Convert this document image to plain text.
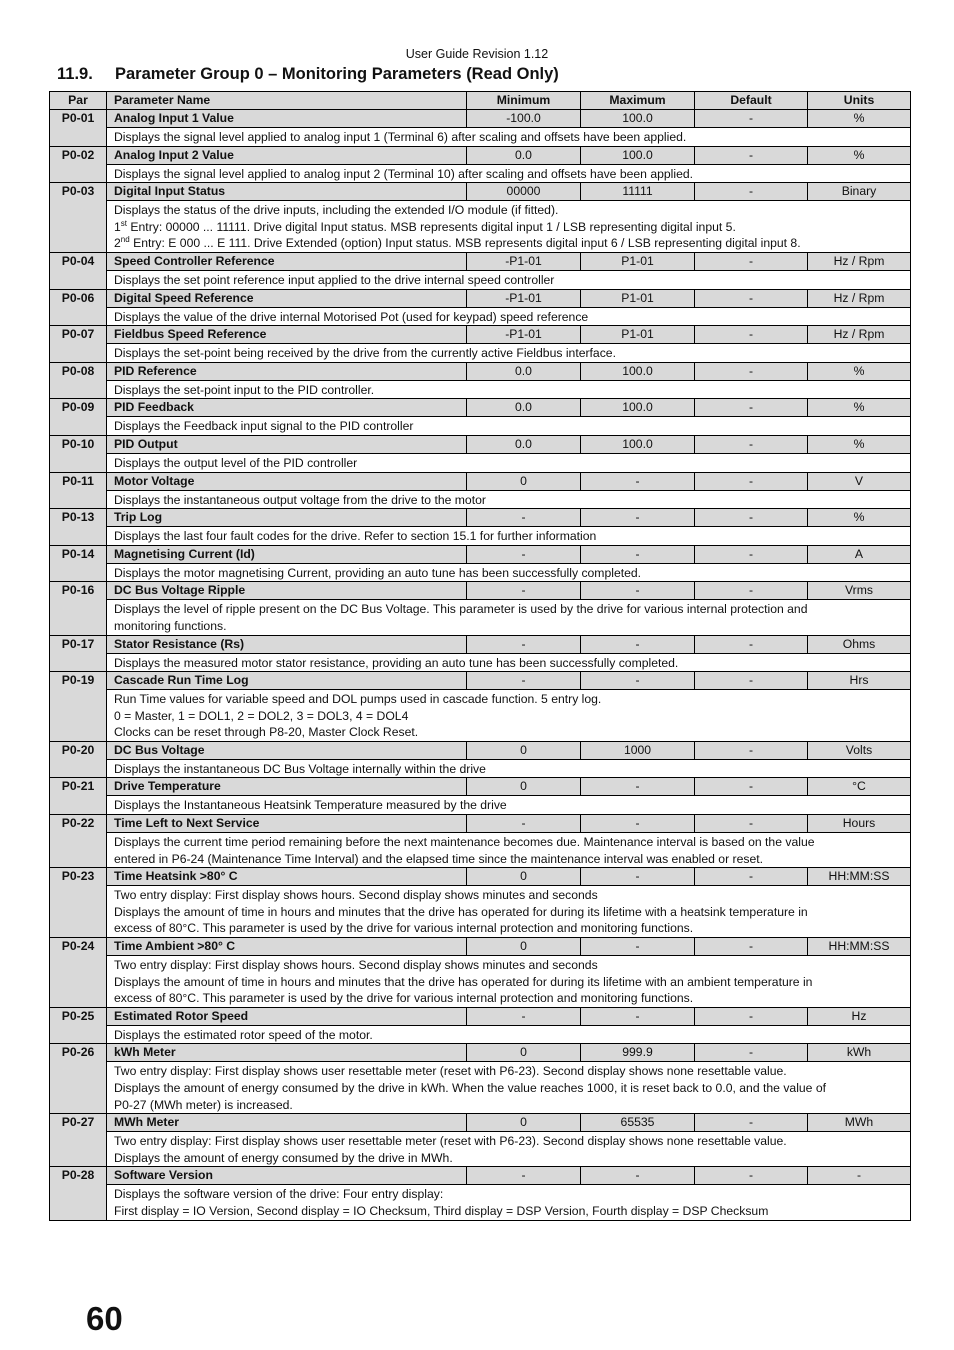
User Guide Revision 1.12
11.9. Parameter Group 0 – Monitoring Parameters (Read Only)
Par	Parameter Name	Minimum	Maximum	Default	Units
P0-01	Analog Input 1 Value	-100.0	100.0	-	%

	Displays the signal level applied to analog input 1 (Terminal 6) after scaling and offsets have been applied.				

P0-02	Analog Input 2 Value	0.0	100.0	-	%

	Displays the signal level applied to analog input 2 (Terminal 10) after scaling and offsets have been applied.				

P0-03	Digital Input Status	00000	11111	-	Binary

	Displays the status of the drive inputs, including the extended I/O module (if fitted).
1st Entry: 00000 ... 11111. Drive digital Input status. MSB represents digital input 1 / LSB representing digital input 5.
2nd Entry: E 000 ... E 111. Drive Extended (option) Input status. MSB represents digital input 6 / LSB representing digital input 8.				

P0-04	Speed Controller Reference	-P1-01	P1-01	-	Hz / Rpm

	Displays the set point reference input applied to the drive internal speed controller				

P0-06	Digital Speed Reference	-P1-01	P1-01	-	Hz / Rpm

	Displays the value of the drive internal Motorised Pot (used for keypad) speed reference				

P0-07	Fieldbus Speed Reference	-P1-01	P1-01	-	Hz / Rpm

	Displays the set-point being received by the drive from the currently active Fieldbus interface.				

P0-08	PID Reference	0.0	100.0	-	%

	Displays the set-point input to the PID controller.				

P0-09	PID Feedback	0.0	100.0	-	%

	Displays the Feedback input signal to the PID controller				

P0-10	PID Output	0.0	100.0	-	%

	Displays the output level of the PID controller				

P0-11	Motor Voltage	0	-	-	V

	Displays the instantaneous output voltage from the drive to the motor				

P0-13	Trip Log	-	-	-	%

	Displays the last four fault codes for the drive. Refer to section 15.1 for further information				

P0-14	Magnetising Current (Id)	-	-	-	A

	Displays the motor magnetising Current, providing an auto tune has been successfully completed.				

P0-16	DC Bus Voltage Ripple	-	-	-	Vrms

	Displays the level of ripple present on the DC Bus Voltage. This parameter is used by the drive for various internal protection and
monitoring functions.				

P0-17	Stator Resistance (Rs)	-	-	-	Ohms

	Displays the measured motor stator resistance, providing an auto tune has been successfully completed.				

P0-19	Cascade Run Time Log	-	-	-	Hrs

	Run Time values for variable speed and DOL pumps used in cascade function. 5 entry log.
0 = Master, 1 = DOL1, 2 = DOL2, 3 = DOL3, 4 = DOL4
Clocks can be reset through P8-20, Master Clock Reset.				

P0-20	DC Bus Voltage	0	1000	-	Volts

	Displays the instantaneous DC Bus Voltage internally within the drive				

P0-21	Drive Temperature	0	-	-	°C

	Displays the Instantaneous Heatsink Temperature measured by the drive				

P0-22	Time Left to Next Service	-	-	-	Hours

	Displays the current time period remaining before the next maintenance becomes due. Maintenance interval is based on the value
entered in P6-24 (Maintenance Time Interval) and the elapsed time since the maintenance interval was enabled or reset.				

P0-23	Time Heatsink >80° C	0	-	-	HH:MM:SS

	Two entry display: First display shows hours. Second display shows minutes and seconds
Displays the amount of time in hours and minutes that the drive has operated for during its lifetime with a heatsink temperature in
excess of 80°C. This parameter is used by the drive for various internal protection and monitoring functions.				

P0-24	Time Ambient >80° C	0	-	-	HH:MM:SS

	Two entry display: First display shows hours. Second display shows minutes and seconds
Displays the amount of time in hours and minutes that the drive has operated for during its lifetime with an ambient temperature in
excess of 80°C. This parameter is used by the drive for various internal protection and monitoring functions.				

P0-25	Estimated Rotor Speed	-	-	-	Hz

	Displays the estimated rotor speed of the motor.				

P0-26	kWh Meter	0	999.9	-	kWh

	Two entry display: First display shows user resettable meter (reset with P6-23). Second display shows none resettable value.
Displays the amount of energy consumed by the drive in kWh. When the value reaches 1000, it is reset back to 0.0, and the value of
P0-27 (MWh meter) is increased.				

P0-27	MWh Meter	0	65535	-	MWh

	Two entry display: First display shows user resettable meter (reset with P6-23). Second display shows none resettable value.
Displays the amount of energy consumed by the drive in MWh.				

P0-28	Software Version	-	-	-	-

	Displays the software version of the drive: Four entry display:
First display = IO Version, Second display = IO Checksum, Third display = DSP Version, Fourth display = DSP Checksum				
60
